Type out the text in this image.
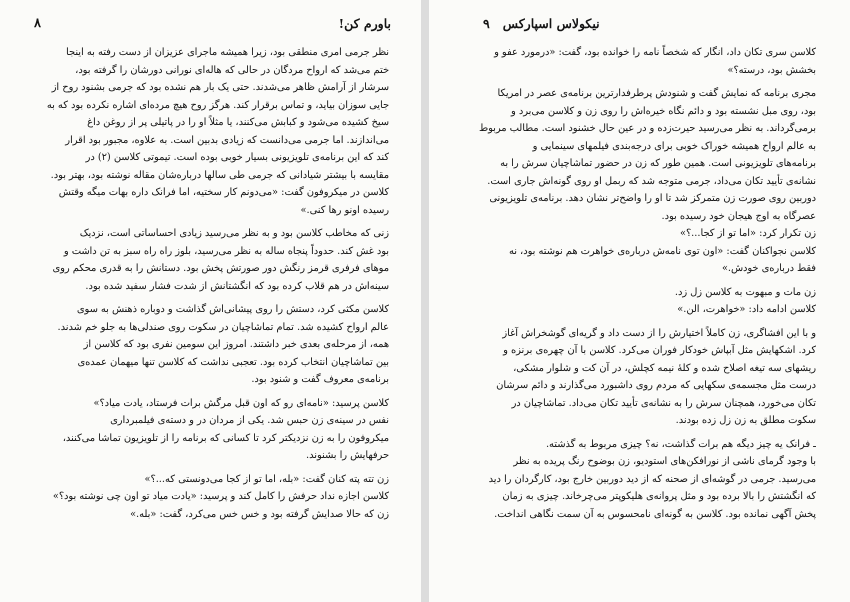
۸	باورم کن!
نظر جرمی امری منطقی بود، زیرا همیشه ماجرای عزیزان از دست رفته به اینجا
ختم می‌شد که ارواح مردگان در حالی که هاله‌ای نورانی دورشان را گرفته بود،
سرشار از آرامش ظاهر می‌شدند. حتی یک بار هم نشده بود که جرمی بشنود روح از
جایی سوزان بیاید، و تماس برقرار کند. هرگز روح هیچ مرده‌ای اشاره نکرده بود که به
سیخ کشیده می‌شود و کبابش می‌کنند، یا مثلاً او را در پاتیلی پر از روغن داغ
می‌اندازند. اما جرمی می‌دانست که زیادی بدبین است. به علاوه، مجبور بود اقرار
کند که این برنامه‌ی تلویزیونی بسیار خوبی بوده است. تیموتی کلاسن (۲) در
مقایسه با بیشتر شیادانی که جرمی طی سالها درباره‌شان مقاله نوشته بود، بهتر بود.
کلاسن در میکروفون گفت: «می‌دونم کار سختیه، اما فرانک داره بهات میگه وقتش
رسیده اونو رها کنی.»
زنی که مخاطب کلاسن بود و به نظر می‌رسید زیادی احساساتی است، نزدیک
بود غش کند. حدوداً پنجاه ساله به نظر می‌رسید، بلوز راه راه سبز به تن داشت و
موهای فرفری قرمز رنگش دور صورتش پخش بود. دستانش را به قدری محکم روی
سینه‌اش در هم قلاب کرده بود که انگشتانش از شدت فشار سفید شده بود.
کلاسن مکثی کرد، دستش را روی پیشانی‌اش گذاشت و دوباره ذهنش به سوی
عالم ارواح کشیده شد. تمام تماشاچیان در سکوت روی صندلی‌ها به جلو خم شدند.
همه، از مرحله‌ی بعدی خبر داشتند. امروز این سومین نفری بود که کلاسن از
بین تماشاچیان انتخاب کرده بود. تعجبی نداشت که کلاسن تنها میهمان عمده‌ی
برنامه‌ی معروف گفت و شنود بود.
کلاسن پرسید: «نامه‌ای رو که اون قبل مرگش برات فرستاد، یادت میاد؟»
نفس در سینه‌ی زن حبس شد. یکی از مردان در و دسته‌ی فیلمبرداری
میکروفون را به زن نزدیکتر کرد تا کسانی که برنامه را از تلویزیون تماشا می‌کنند،
حرفهایش را بشنوند.
زن تته پته کنان گفت: «بله، اما تو از کجا می‌دونستی که...؟»
کلاسن اجازه نداد حرفش را کامل کند و پرسید: «یادت میاد تو اون چی نوشته بود؟»
زن که حالا صدایش گرفته بود و خس خس می‌کرد، گفت: «بله.»
نیکولاس اسپارکس   ۹
کلاسن سری تکان داد، انگار که شخصاً نامه را خوانده بود، گفت: «درمورد عفو و
بخشش بود، درسته؟»
مجری برنامه که نمایش گفت و شنودش پرطرفدارترین برنامه‌ی عصر در امریکا
بود، روی مبل نشسته بود و دائم نگاه خیره‌اش را روی زن و کلاسن می‌برد و
برمی‌گرداند. به نظر می‌رسید حیرت‌زده و در عین حال خشنود است. مطالب مربوط
به عالم ارواح همیشه خوراک خوبی برای درجه‌بندی فیلمهای سینمایی و
برنامه‌های تلویزیونی است. همین طور که زن در حضور تماشاچیان سرش را به
نشانه‌ی تأیید تکان می‌داد، جرمی متوجه شد که ربمل او روی گونه‌اش جاری است.
دوربین روی صورت زن متمرکز شد تا او را واضح‌تر نشان دهد. برنامه‌ی تلویزیونی
عصرگاه به اوج هیجان خود رسیده بود.
زن تکرار کرد: «اما تو از کجا...؟»
کلاسن نجواکنان گفت: «اون توی نامه‌ش درباره‌ی خواهرت هم نوشته بود، نه
فقط درباره‌ی خودش.»
زن مات و مبهوت به کلاسن زل زد.
کلاسن ادامه داد: «خواهرت، الن.»
و با این افشاگری، زن کاملاً اختیارش را از دست داد و گریه‌ای گوشخراش آغاز
کرد. اشکهایش مثل آبپاش خودکار فوران می‌کرد. کلاسن با آن چهره‌ی برنزه و
ریشهای سه تیغه اصلاح شده و کلهٔ نیمه کچلش، در آن کت و شلوار مشکی،
درست مثل مجسمه‌ی سکهایی که مردم روی داشبورد می‌گذارند و دائم سرشان
تکان می‌خورد، همچنان سرش را به نشانه‌ی تأیید تکان می‌داد. تماشاچیان در
سکوت مطلق به زن زل زده بودند.
ـ فرانک یه چیز دیگه هم برات گذاشت، نه؟ چیزی مربوط به گذشته.
با وجود گرمای ناشی از نورافکن‌های استودیو، زن بوضوح رنگ پریده به نظر
می‌رسید. جرمی در گوشه‌ای از صحنه که از دید دوربین خارج بود، کارگردان را دید
که انگشتش را بالا برده بود و مثل پروانه‌ی هلیکوپتر می‌چرخاند. چیزی به زمان
پخش آگهی نمانده بود. کلاسن به گونه‌ای نامحسوس به آن سمت نگاهی انداخت.
